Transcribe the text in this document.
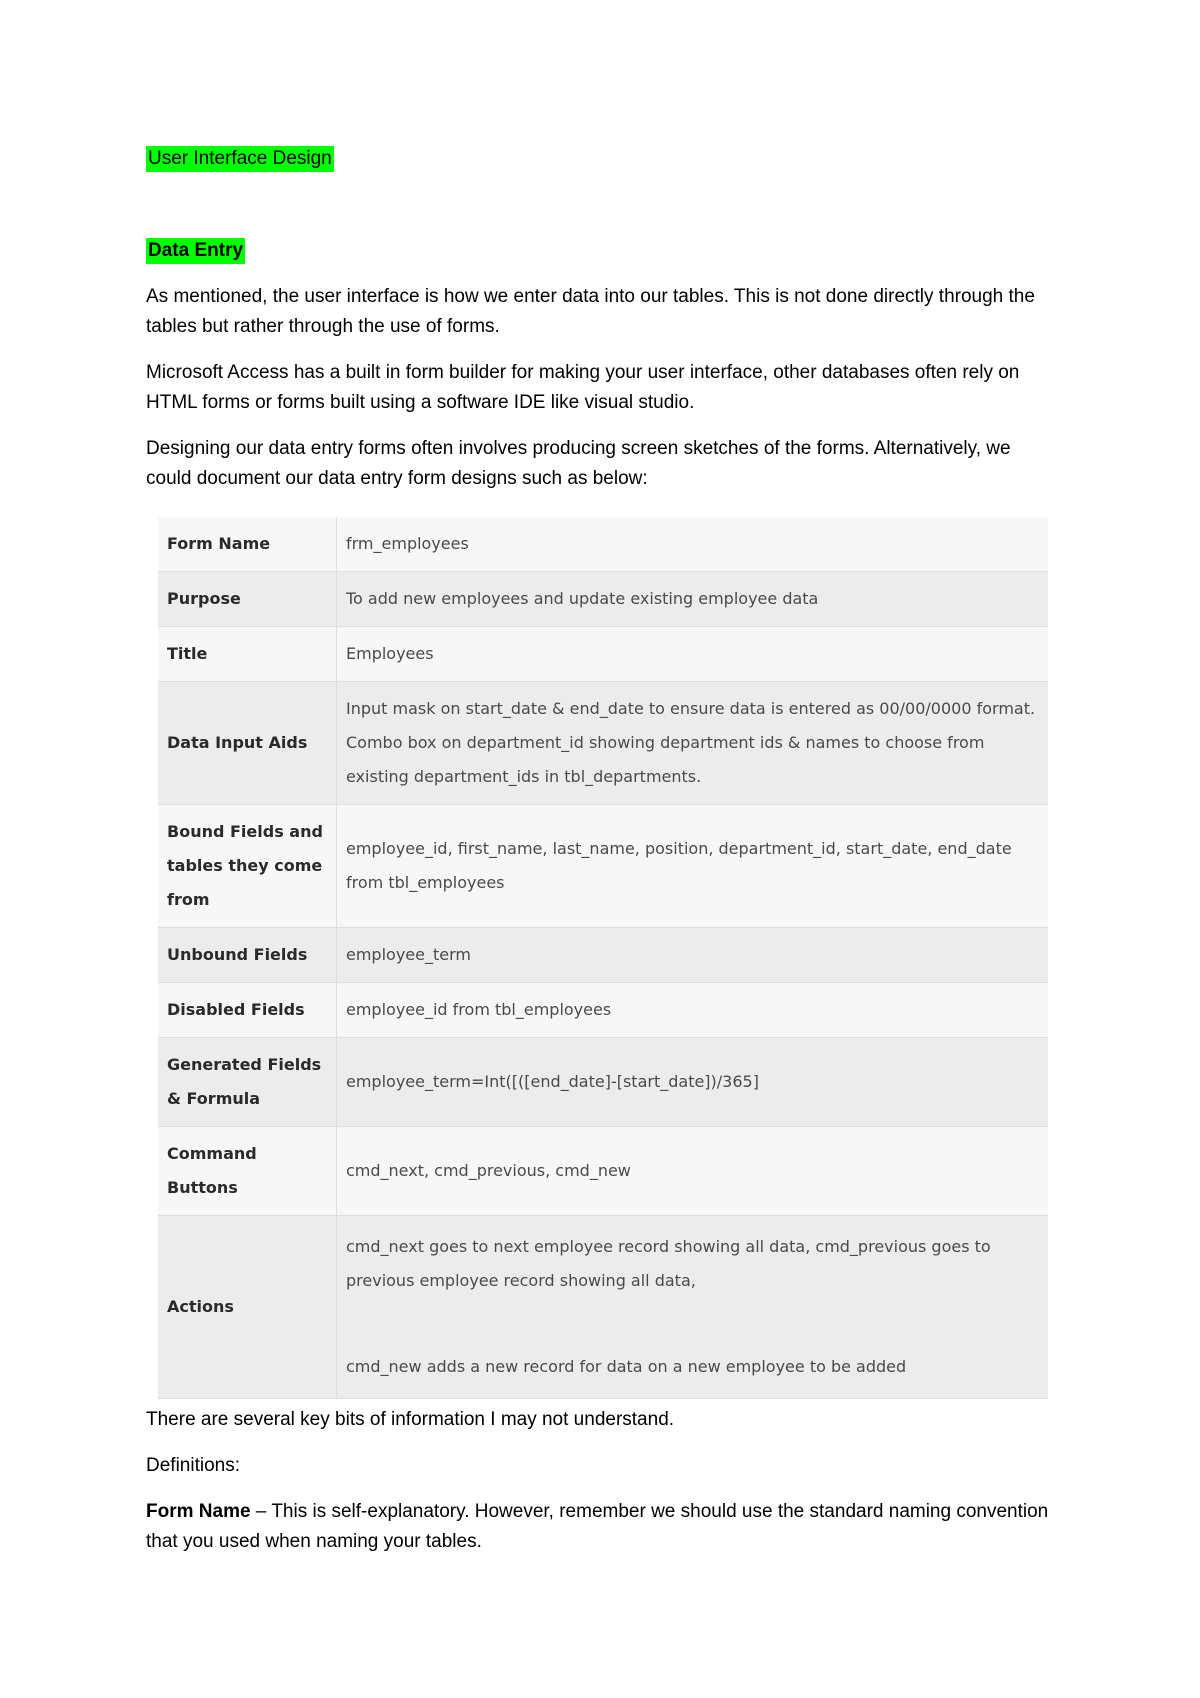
User Interface Design
Data Entry

As mentioned, the user interface is how we enter data into our tables. This is not done directly through the tables but rather through the use of forms.

Microsoft Access has a built in form builder for making your user interface, other databases often rely on HTML forms or forms built using a software IDE like visual studio.

Designing our data entry forms often involves producing screen sketches of the forms. Alternatively, we could document our data entry form designs such as below:

Form Name	frm_employees
Purpose	To add new employees and update existing employee data
Title	Employees
Data Input Aids	Input mask on start_date & end_date to ensure data is entered as 00/00/0000 format. Combo box on department_id showing department ids & names to choose from existing department_ids in tbl_departments.
Bound Fields and tables they come from	employee_id, first_name, last_name, position, department_id, start_date, end_date from tbl_employees
Unbound Fields	employee_term
Disabled Fields	employee_id from tbl_employees
Generated Fields & Formula	employee_term=Int([([end_date]-[start_date])/365]
Command Buttons	cmd_next, cmd_previous, cmd_new
Actions	cmd_next goes to next employee record showing all data, cmd_previous goes to previous employee record showing all data,
cmd_new adds a new record for data on a new employee to be added

There are several key bits of information I may not understand.

Definitions:

Form Name – This is self-explanatory. However, remember we should use the standard naming convention that you used when naming your tables.
